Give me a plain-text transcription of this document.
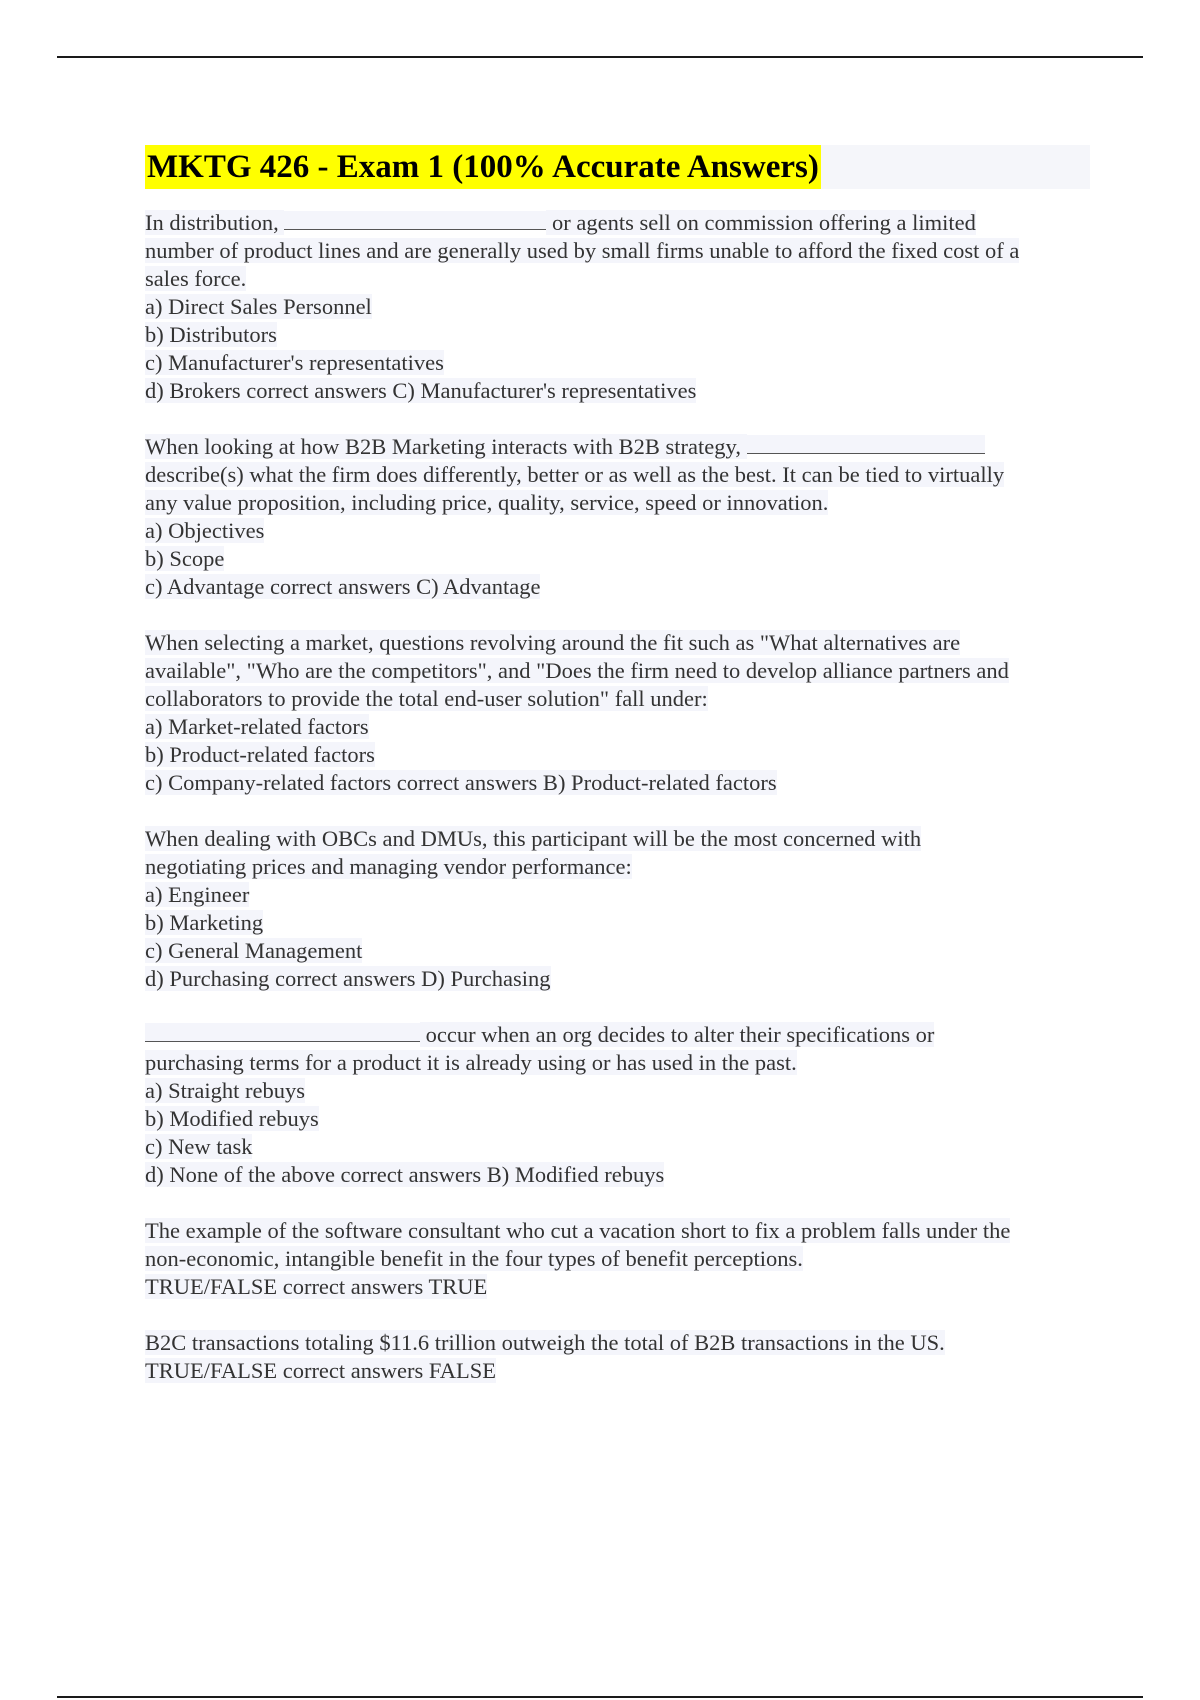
MKTG 426 - Exam 1 (100% Accurate Answers)
In distribution,	or agents sell on commission offering a limited
number of product lines and are generally used by small firms unable to afford the fixed cost of a
sales force.
a) Direct Sales Personnel
b) Distributors
c) Manufacturer's representatives
d) Brokers correct answers C) Manufacturer's representatives
When looking at how B2B Marketing interacts with B2B strategy,
describe(s) what the firm does differently, better or as well as the best. It can be tied to virtually
any value proposition, including price, quality, service, speed or innovation.
a) Objectives
b) Scope
c) Advantage correct answers C) Advantage
When selecting a market, questions revolving around the fit such as "What alternatives are
available", "Who are the competitors", and "Does the firm need to develop alliance partners and
collaborators to provide the total end-user solution" fall under:
a) Market-related factors
b) Product-related factors
c) Company-related factors correct answers B) Product-related factors
When dealing with OBCs and DMUs, this participant will be the most concerned with
negotiating prices and managing vendor performance:
a) Engineer
b) Marketing
c) General Management
d) Purchasing correct answers D) Purchasing
occur when an org decides to alter their specifications or
purchasing terms for a product it is already using or has used in the past.
a) Straight rebuys
b) Modified rebuys
c) New task
d) None of the above correct answers B) Modified rebuys
The example of the software consultant who cut a vacation short to fix a problem falls under the
non-economic, intangible benefit in the four types of benefit perceptions.
TRUE/FALSE correct answers TRUE
B2C transactions totaling $11.6 trillion outweigh the total of B2B transactions in the US.
TRUE/FALSE correct answers FALSE
